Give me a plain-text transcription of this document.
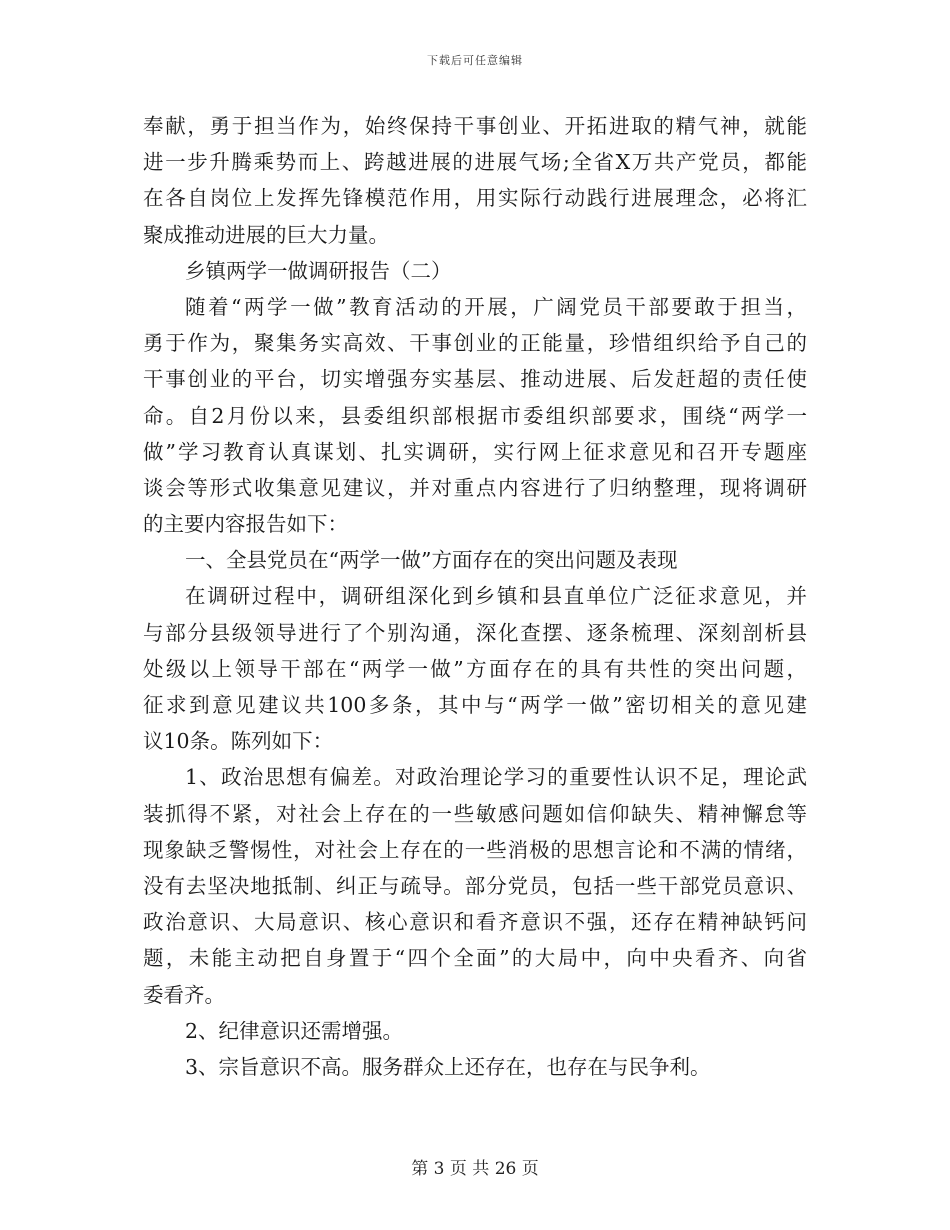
下载后可任意编辑
奉献，勇于担当作为，始终保持干事创业、开拓进取的精气神，就能
进一步升腾乘势而上、跨越进展的进展气场;全省X万共产党员，都能
在各自岗位上发挥先锋模范作用，用实际行动践行进展理念，必将汇
聚成推动进展的巨大力量。
乡镇两学一做调研报告（二）
随着“两学一做”教育活动的开展，广阔党员干部要敢于担当，
勇于作为，聚集务实高效、干事创业的正能量，珍惜组织给予自己的
干事创业的平台，切实增强夯实基层、推动进展、后发赶超的责任使
命。自2月份以来，县委组织部根据市委组织部要求，围绕“两学一
做”学习教育认真谋划、扎实调研，实行网上征求意见和召开专题座
谈会等形式收集意见建议，并对重点内容进行了归纳整理，现将调研
的主要内容报告如下：
一、全县党员在“两学一做”方面存在的突出问题及表现
在调研过程中，调研组深化到乡镇和县直单位广泛征求意见，并
与部分县级领导进行了个别沟通，深化查摆、逐条梳理、深刻剖析县
处级以上领导干部在“两学一做”方面存在的具有共性的突出问题，
征求到意见建议共100多条，其中与“两学一做”密切相关的意见建
议10条。陈列如下：
1、政治思想有偏差。对政治理论学习的重要性认识不足，理论武
装抓得不紧，对社会上存在的一些敏感问题如信仰缺失、精神懈怠等
现象缺乏警惕性，对社会上存在的一些消极的思想言论和不满的情绪，
没有去坚决地抵制、纠正与疏导。部分党员，包括一些干部党员意识、
政治意识、大局意识、核心意识和看齐意识不强，还存在精神缺钙问
题，未能主动把自身置于“四个全面”的大局中，向中央看齐、向省
委看齐。
2、纪律意识还需增强。
3、宗旨意识不高。服务群众上还存在，也存在与民争利。
第 3 页 共 26 页
